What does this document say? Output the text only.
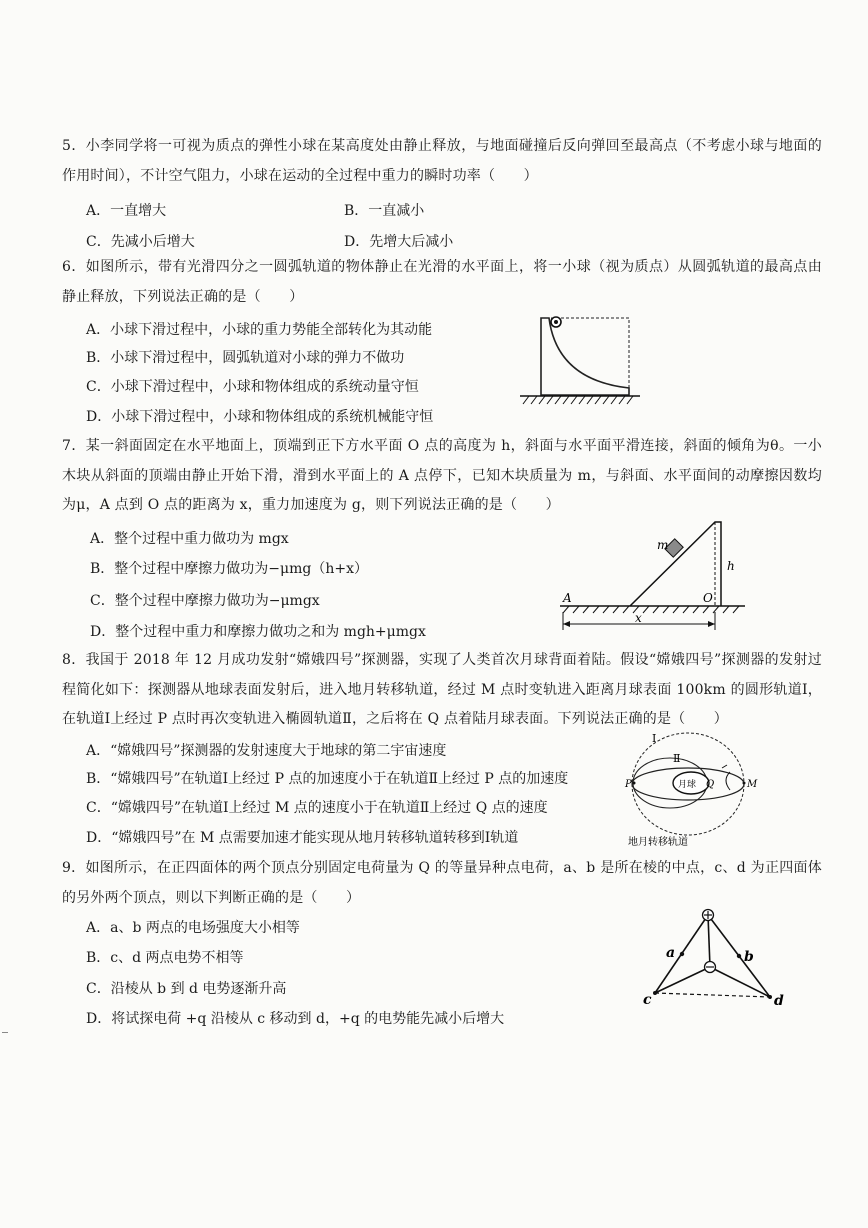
5．小李同学将一可视为质点的弹性小球在某高度处由静止释放，与地面碰撞后反向弹回至最高点（不考虑小球与地面的作用时间），不计空气阻力，小球在运动的全过程中重力的瞬时功率（　　）
A．一直增大	B．一直减小
C．先减小后增大	D．先增大后减小
6．如图所示，带有光滑四分之一圆弧轨道的物体静止在光滑的水平面上，将一小球（视为质点）从圆弧轨道的最高点由静止释放，下列说法正确的是（　　）
A．小球下滑过程中，小球的重力势能全部转化为其动能
B．小球下滑过程中，圆弧轨道对小球的弹力不做功
C．小球下滑过程中，小球和物体组成的系统动量守恒
D．小球下滑过程中，小球和物体组成的系统机械能守恒
7．某一斜面固定在水平地面上，顶端到正下方水平面 O 点的高度为 h，斜面与水平面平滑连接，斜面的倾角为θ。一小木块从斜面的顶端由静止开始下滑，滑到水平面上的 A 点停下，已知木块质量为 m，与斜面、水平面间的动摩擦因数均为μ，A 点到 O 点的距离为 x，重力加速度为 g，则下列说法正确的是（　　）
A．整个过程中重力做功为 mgx
B．整个过程中摩擦力做功为−μmg（h+x）
C．整个过程中摩擦力做功为−μmgx
D．整个过程中重力和摩擦力做功之和为 mgh+μmgx
m
h
A	O
x
8．我国于 2018 年 12 月成功发射“嫦娥四号”探测器，实现了人类首次月球背面着陆。假设“嫦娥四号”探测器的发射过程简化如下：探测器从地球表面发射后，进入地月转移轨道，经过 M 点时变轨进入距离月球表面 100km 的圆形轨道Ⅰ，在轨道Ⅰ上经过 P 点时再次变轨进入椭圆轨道Ⅱ，之后将在 Q 点着陆月球表面。下列说法正确的是（　　）
A．“嫦娥四号”探测器的发射速度大于地球的第二宇宙速度
B．“嫦娥四号”在轨道Ⅰ上经过 P 点的加速度小于在轨道Ⅱ上经过 P 点的加速度
C．“嫦娥四号”在轨道Ⅰ上经过 M 点的速度小于在轨道Ⅱ上经过 Q 点的速度
D．“嫦娥四号”在 M 点需要加速才能实现从地月转移轨道转移到Ⅰ轨道
Ⅰ
Ⅱ
P	Q	M
月球
地月转移轨道
9．如图所示，在正四面体的两个顶点分别固定电荷量为 Q 的等量异种点电荷，a、b 是所在棱的中点，c、d 为正四面体的另外两个顶点，则以下判断正确的是（　　）
A．a、b 两点的电场强度大小相等
B．c、d 两点电势不相等
C．沿棱从 b 到 d 电势逐渐升高
D．将试探电荷 +q 沿棱从 c 移动到 d，+q 的电势能先减小后增大
a	b
c	d
